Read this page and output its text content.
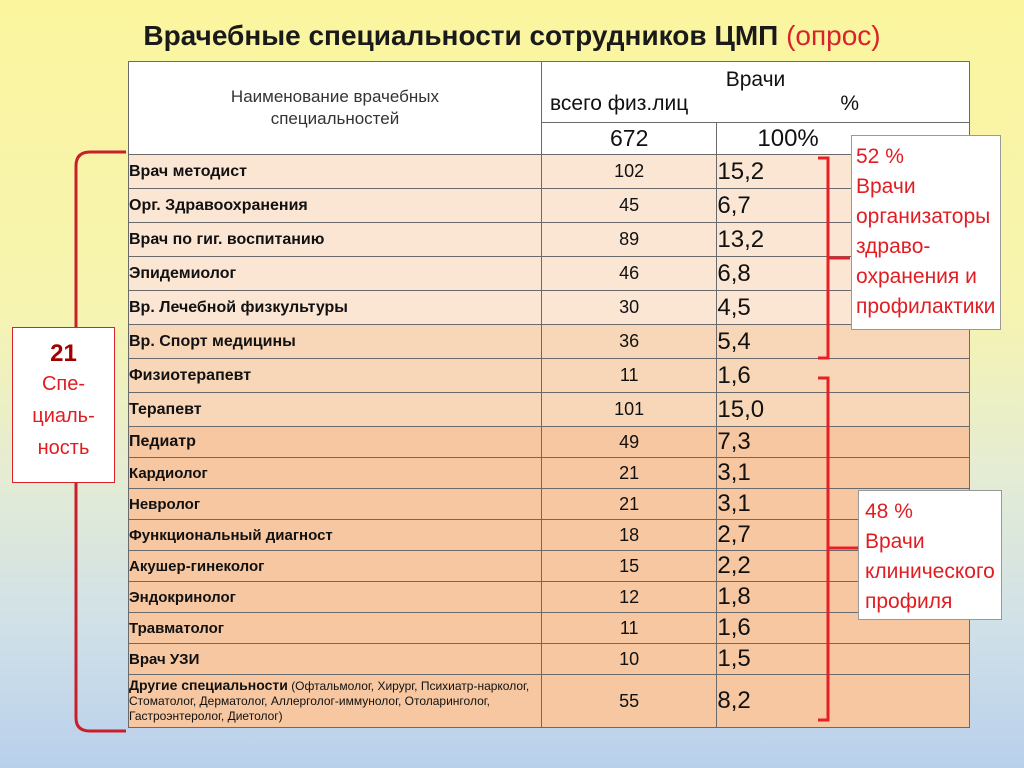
Врачебные специальности сотрудников ЦМП (опрос)
Наименование врачебных специальностей	Врачи
всего физ.лиц %	

	672	100%
Врач методист	102	15,2
Орг. Здравоохранения	45	6,7
Врач по гиг. воспитанию	89	13,2
Эпидемиолог	46	6,8
Вр. Лечебной физкультуры	30	4,5
Вр. Спорт медицины	36	5,4
Физиотерапевт	11	1,6
Терапевт	101	15,0
Педиатр	49	7,3
Кардиолог	21	3,1
Невролог	21	3,1
Функциональный диагност	18	2,7
Акушер-гинеколог	15	2,2
Эндокринолог	12	1,8
Травматолог	11	1,6
Врач УЗИ	10	1,5
Другие специальности (Офтальмолог, Хирург, Психиатр-нарколог, Стоматолог, Дерматолог, Аллерголог-иммунолог, Отоларинголог, Гастроэнтеролог, Диетолог)	55	8,2
52 %
Врачи
организаторы
здраво-
охранения и
профилактики
48 %
Врачи
клинического
профиля
21
Спе-
циаль-
ность
